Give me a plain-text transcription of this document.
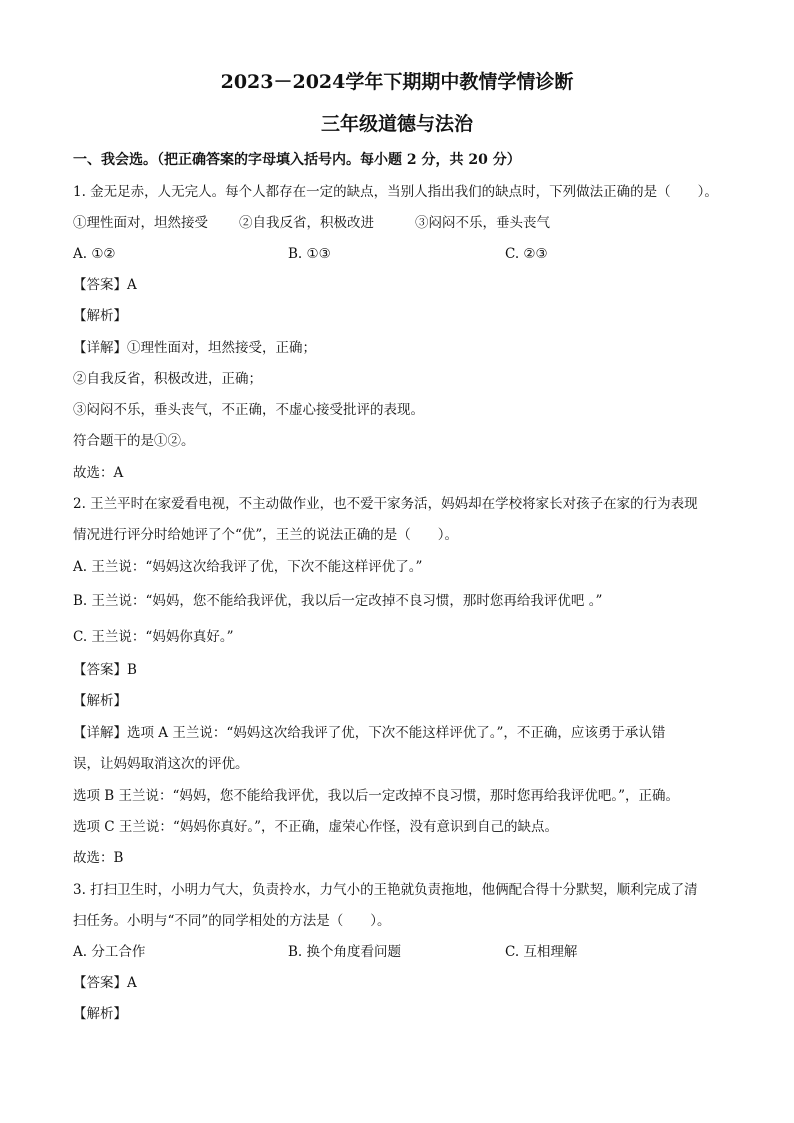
2023－2024学年下期期中教情学情诊断
三年级道德与法治
一、我会选。（把正确答案的字母填入括号内。每小题 2 分，共 20 分）
1. 金无足赤，人无完人。每个人都存在一定的缺点，当别人指出我们的缺点时，下列做法正确的是（　　）。
①理性面对，坦然接受 ②自我反省，积极改进	③闷闷不乐，垂头丧气
A. ①②	B. ①③	C. ②③
【答案】A
【解析】
【详解】①理性面对，坦然接受，正确；
②自我反省，积极改进，正确；
③闷闷不乐，垂头丧气，不正确，不虚心接受批评的表现。
符合题干的是①②。
故选：A
2. 王兰平时在家爱看电视，不主动做作业，也不爱干家务活，妈妈却在学校将家长对孩子在家的行为表现
情况进行评分时给她评了个“优”，王兰的说法正确的是（　　）。
A. 王兰说：“妈妈这次给我评了优，下次不能这样评优了。”
B. 王兰说：“妈妈，您不能给我评优，我以后一定改掉不良习惯，那时您再给我评优吧 。”
C. 王兰说：“妈妈你真好。”
【答案】B
【解析】
【详解】选项 A 王兰说：“妈妈这次给我评了优，下次不能这样评优了。”，不正确，应该勇于承认错
误，让妈妈取消这次的评优。
选项 B 王兰说：“妈妈，您不能给我评优，我以后一定改掉不良习惯，那时您再给我评优吧。”，正确。
选项 C 王兰说：“妈妈你真好。”，不正确，虚荣心作怪，没有意识到自己的缺点。
故选：B
3. 打扫卫生时，小明力气大，负责拎水，力气小的王艳就负责拖地，他俩配合得十分默契，顺利完成了清
扫任务。小明与“不同”的同学相处的方法是（　　）。
A. 分工合作	B. 换个角度看问题	C. 互相理解
【答案】A
【解析】
